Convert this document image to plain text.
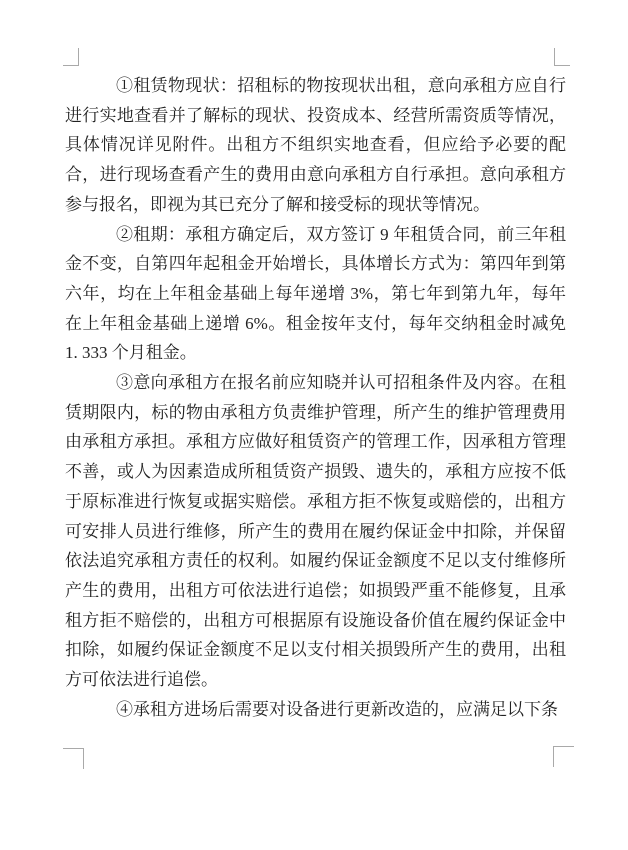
①租赁物现状：招租标的物按现状出租，意向承租方应自行进行实地查看并了解标的现状、投资成本、经营所需资质等情况，具体情况详见附件。出租方不组织实地查看，但应给予必要的配合，进行现场查看产生的费用由意向承租方自行承担。意向承租方参与报名，即视为其已充分了解和接受标的现状等情况。

②租期：承租方确定后，双方签订 9 年租赁合同，前三年租金不变，自第四年起租金开始增长，具体增长方式为：第四年到第六年，均在上年租金基础上每年递增 3%，第七年到第九年，每年在上年租金基础上递增 6%。租金按年支付，每年交纳租金时减免 1. 333 个月租金。

③意向承租方在报名前应知晓并认可招租条件及内容。在租赁期限内，标的物由承租方负责维护管理，所产生的维护管理费用由承租方承担。承租方应做好租赁资产的管理工作，因承租方管理不善，或人为因素造成所租赁资产损毁、遗失的，承租方应按不低于原标准进行恢复或据实赔偿。承租方拒不恢复或赔偿的，出租方可安排人员进行维修，所产生的费用在履约保证金中扣除，并保留依法追究承租方责任的权利。如履约保证金额度不足以支付维修所产生的费用，出租方可依法进行追偿；如损毁严重不能修复，且承租方拒不赔偿的，出租方可根据原有设施设备价值在履约保证金中扣除，如履约保证金额度不足以支付相关损毁所产生的费用，出租方可依法进行追偿。

④承租方进场后需要对设备进行更新改造的，应满足以下条
